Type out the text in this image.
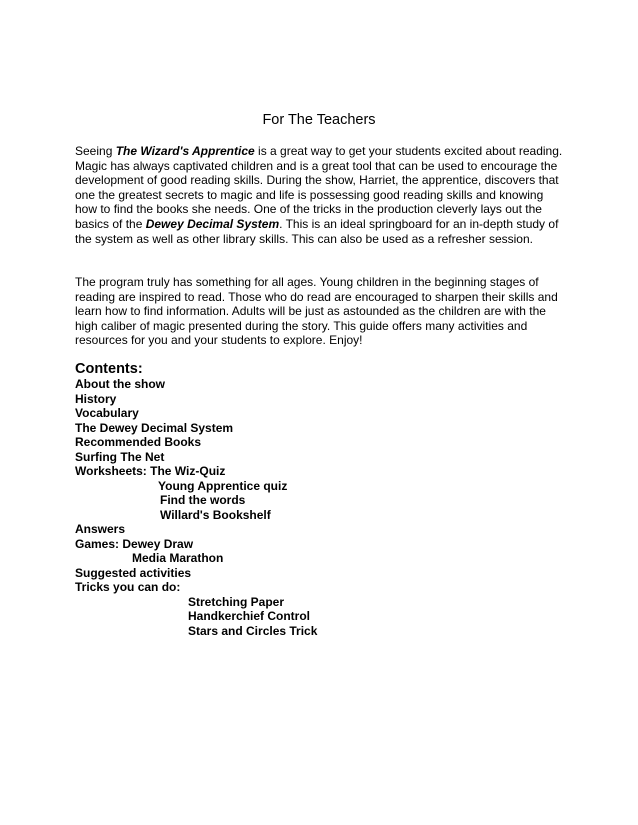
For The Teachers

Seeing The Wizard's Apprentice is a great way to get your students excited about reading. Magic has always captivated children and is a great tool that can be used to encourage the development of good reading skills. During the show, Harriet, the apprentice, discovers that one the greatest secrets to magic and life is possessing good reading skills and knowing how to find the books she needs. One of the tricks in the production cleverly lays out the basics of the Dewey Decimal System. This is an ideal springboard for an in-depth study of the system as well as other library skills. This can also be used as a refresher session.

The program truly has something for all ages. Young children in the beginning stages of reading are inspired to read. Those who do read are encouraged to sharpen their skills and learn how to find information. Adults will be just as astounded as the children are with the high caliber of magic presented during the story. This guide offers many activities and resources for you and your students to explore. Enjoy!

Contents:
About the show
History
Vocabulary
The Dewey Decimal System
Recommended Books
Surfing The Net
Worksheets: The Wiz-Quiz
Young Apprentice quiz
Find the words
Willard's Bookshelf
Answers
Games: Dewey Draw
Media Marathon
Suggested activities
Tricks you can do:
Stretching Paper
Handkerchief Control
Stars and Circles Trick
